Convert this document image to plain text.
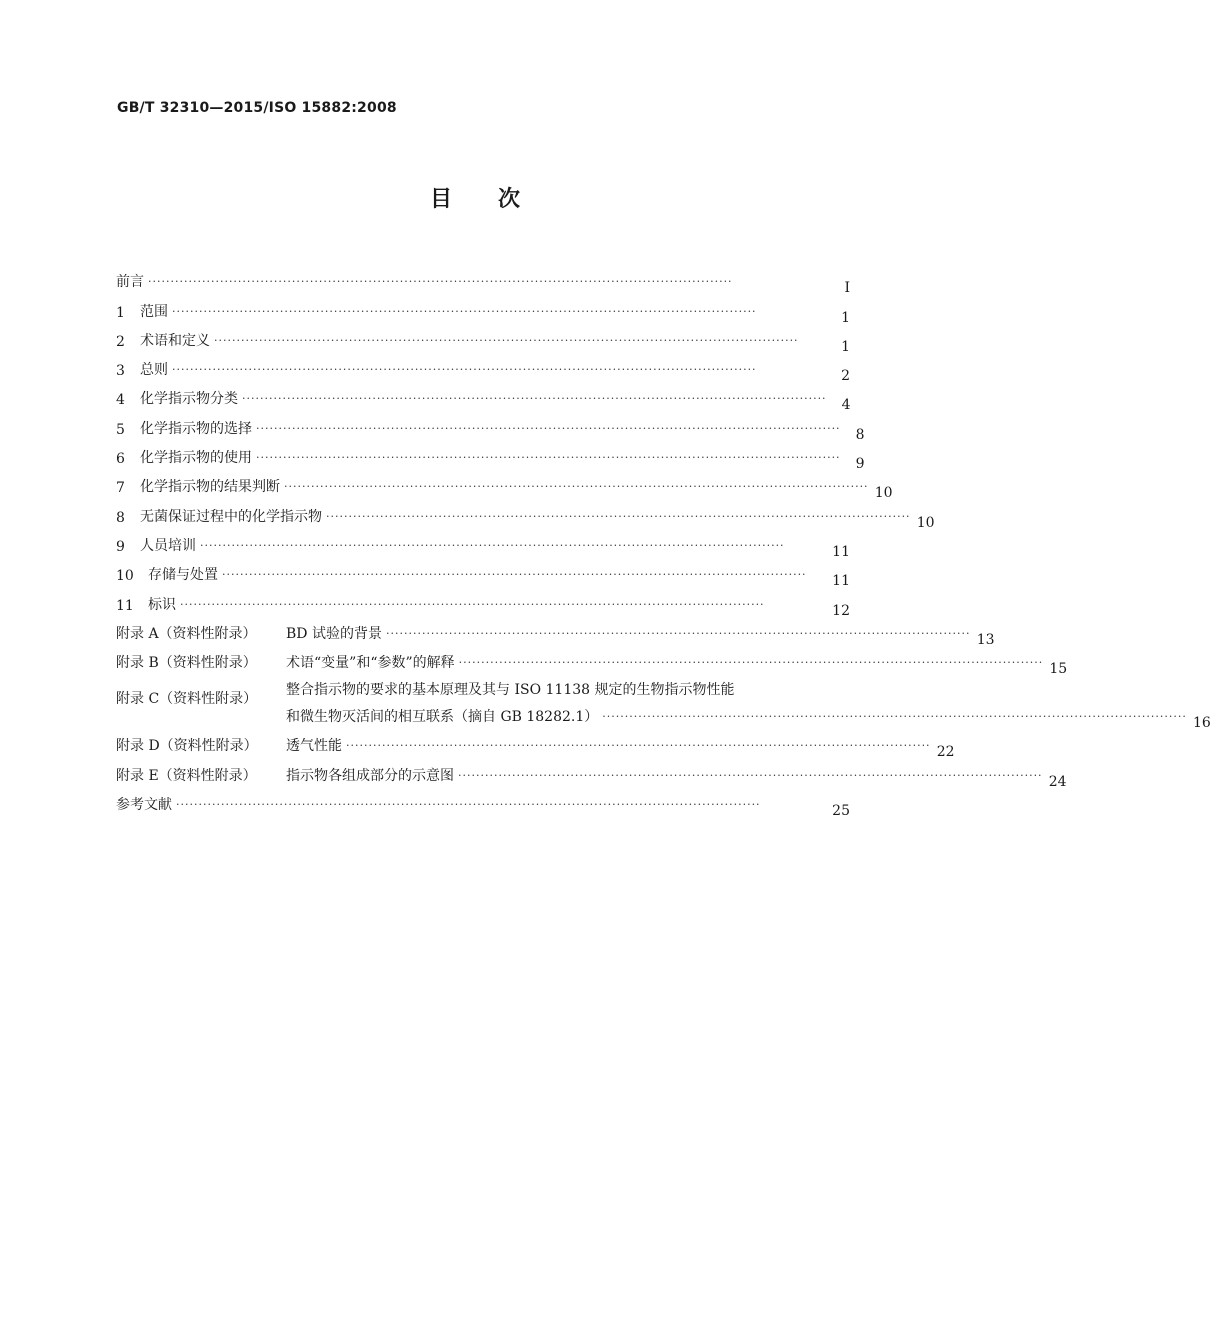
GB/T 32310—2015/ISO 15882:2008
目次
前言 ··································································································································	Ⅰ
1	范围 ··································································································································	1
2	术语和定义 ··································································································································	1
3	总则 ··································································································································	2
4	化学指示物分类 ··································································································································	4
5	化学指示物的选择 ··································································································································	8
6	化学指示物的使用 ··································································································································	9
7	化学指示物的结果判断 ·································································································································· 10
8	无菌保证过程中的化学指示物 ·································································································································· 10
9	人员培训 ··································································································································	11
10	存储与处置 ··································································································································	11
11	标识 ··································································································································	12
附录 A（资料性附录）	BD 试验的背景 ·································································································································· 13
附录 B（资料性附录）	术语“变量”和“参数”的解释 ·································································································································· 15
附录 C（资料性附录）
整合指示物的要求的基本原理及其与 ISO 11138 规定的生物指示物性能
和微生物灭活间的相互联系（摘自 GB 18282.1） ·································································································································· 16
附录 D（资料性附录）	透气性能 ·································································································································· 22
附录 E（资料性附录）	指示物各组成部分的示意图 ·································································································································· 24
参考文献 ··································································································································	25
